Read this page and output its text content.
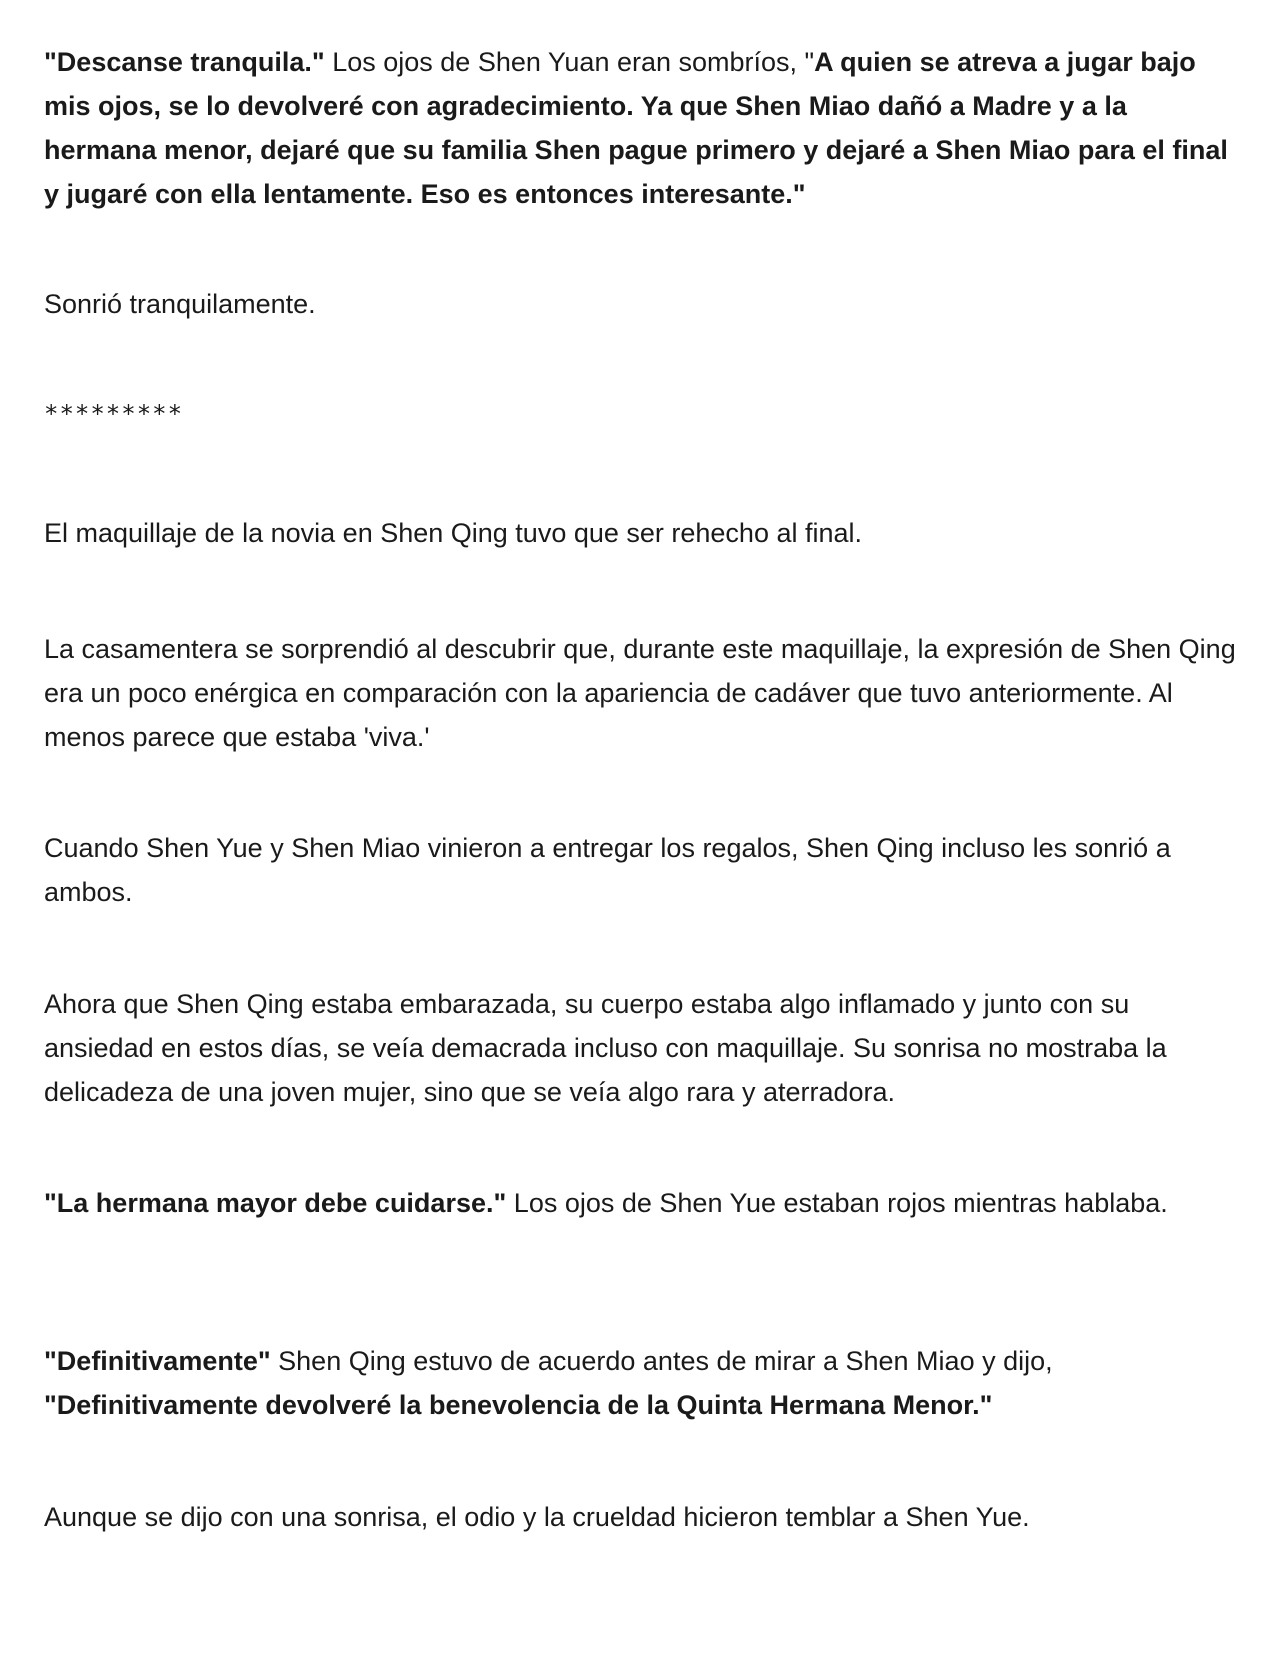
"Descanse tranquila." Los ojos de Shen Yuan eran sombríos, "A quien se atreva a jugar bajo mis ojos, se lo devolveré con agradecimiento. Ya que Shen Miao dañó a Madre y a la hermana menor, dejaré que su familia Shen pague primero y dejaré a Shen Miao para el final y jugaré con ella lentamente. Eso es entonces interesante."

Sonrió tranquilamente.

*********

El maquillaje de la novia en Shen Qing tuvo que ser rehecho al final.

La casamentera se sorprendió al descubrir que, durante este maquillaje, la expresión de Shen Qing era un poco enérgica en comparación con la apariencia de cadáver que tuvo anteriormente. Al menos parece que estaba 'viva.'

Cuando Shen Yue y Shen Miao vinieron a entregar los regalos, Shen Qing incluso les sonrió a ambos.

Ahora que Shen Qing estaba embarazada, su cuerpo estaba algo inflamado y junto con su ansiedad en estos días, se veía demacrada incluso con maquillaje. Su sonrisa no mostraba la delicadeza de una joven mujer, sino que se veía algo rara y aterradora.

"La hermana mayor debe cuidarse." Los ojos de Shen Yue estaban rojos mientras hablaba.

"Definitivamente" Shen Qing estuvo de acuerdo antes de mirar a Shen Miao y dijo, "Definitivamente devolveré la benevolencia de la Quinta Hermana Menor."

Aunque se dijo con una sonrisa, el odio y la crueldad hicieron temblar a Shen Yue.
